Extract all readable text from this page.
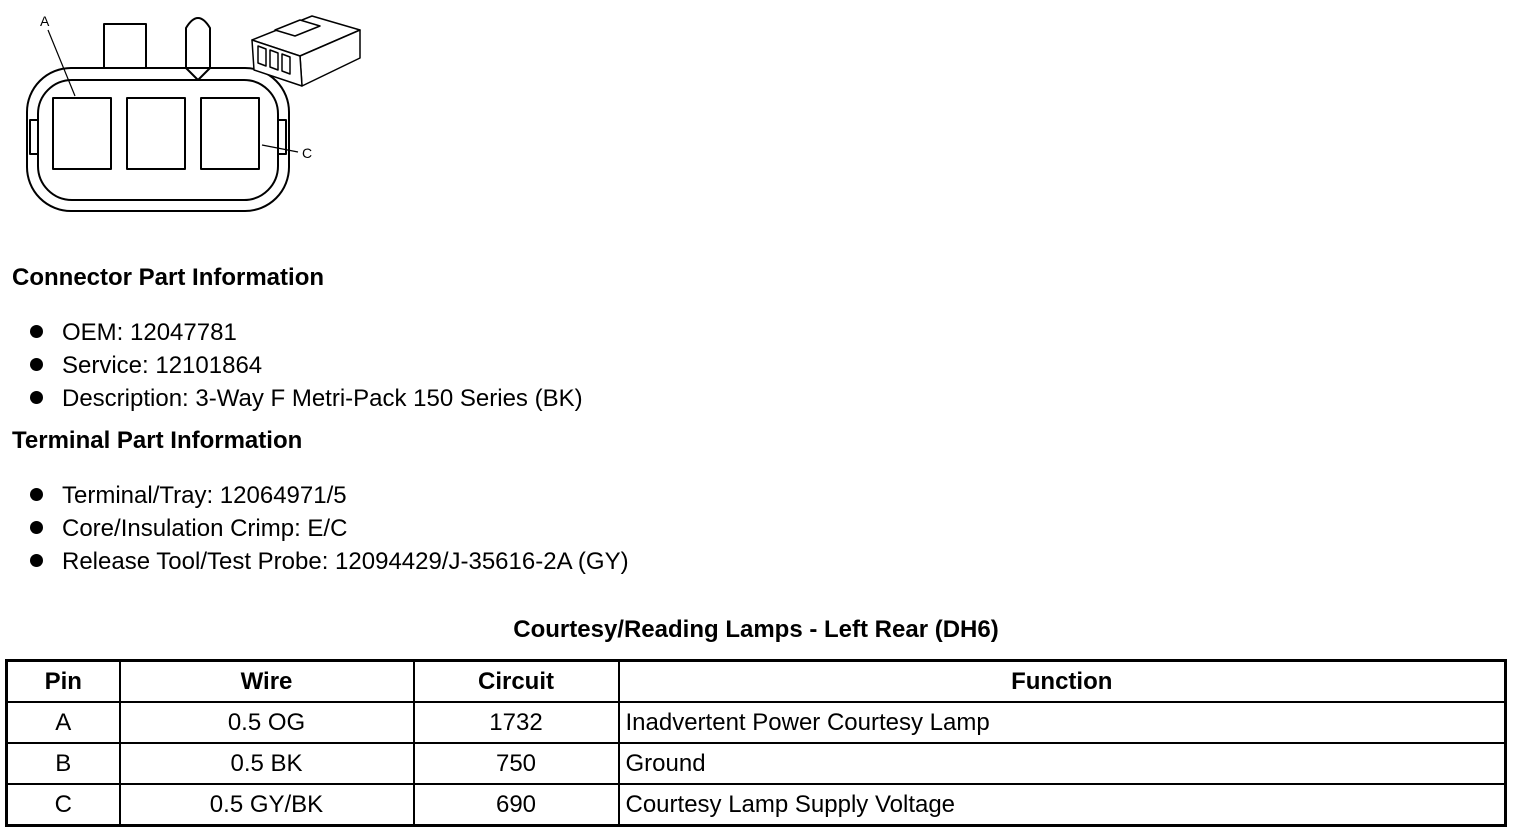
A
C
Connector Part Information
OEM: 12047781
Service: 12101864
Description: 3-Way F Metri-Pack 150 Series (BK)
Terminal Part Information
Terminal/Tray: 12064971/5
Core/Insulation Crimp: E/C
Release Tool/Test Probe: 12094429/J-35616-2A (GY)
Courtesy/Reading Lamps - Left Rear (DH6)
Pin	Wire	Circuit	Function
A	0.5 OG	1732	Inadvertent Power Courtesy Lamp
B	0.5 BK	750	Ground
C	0.5 GY/BK	690	Courtesy Lamp Supply Voltage
